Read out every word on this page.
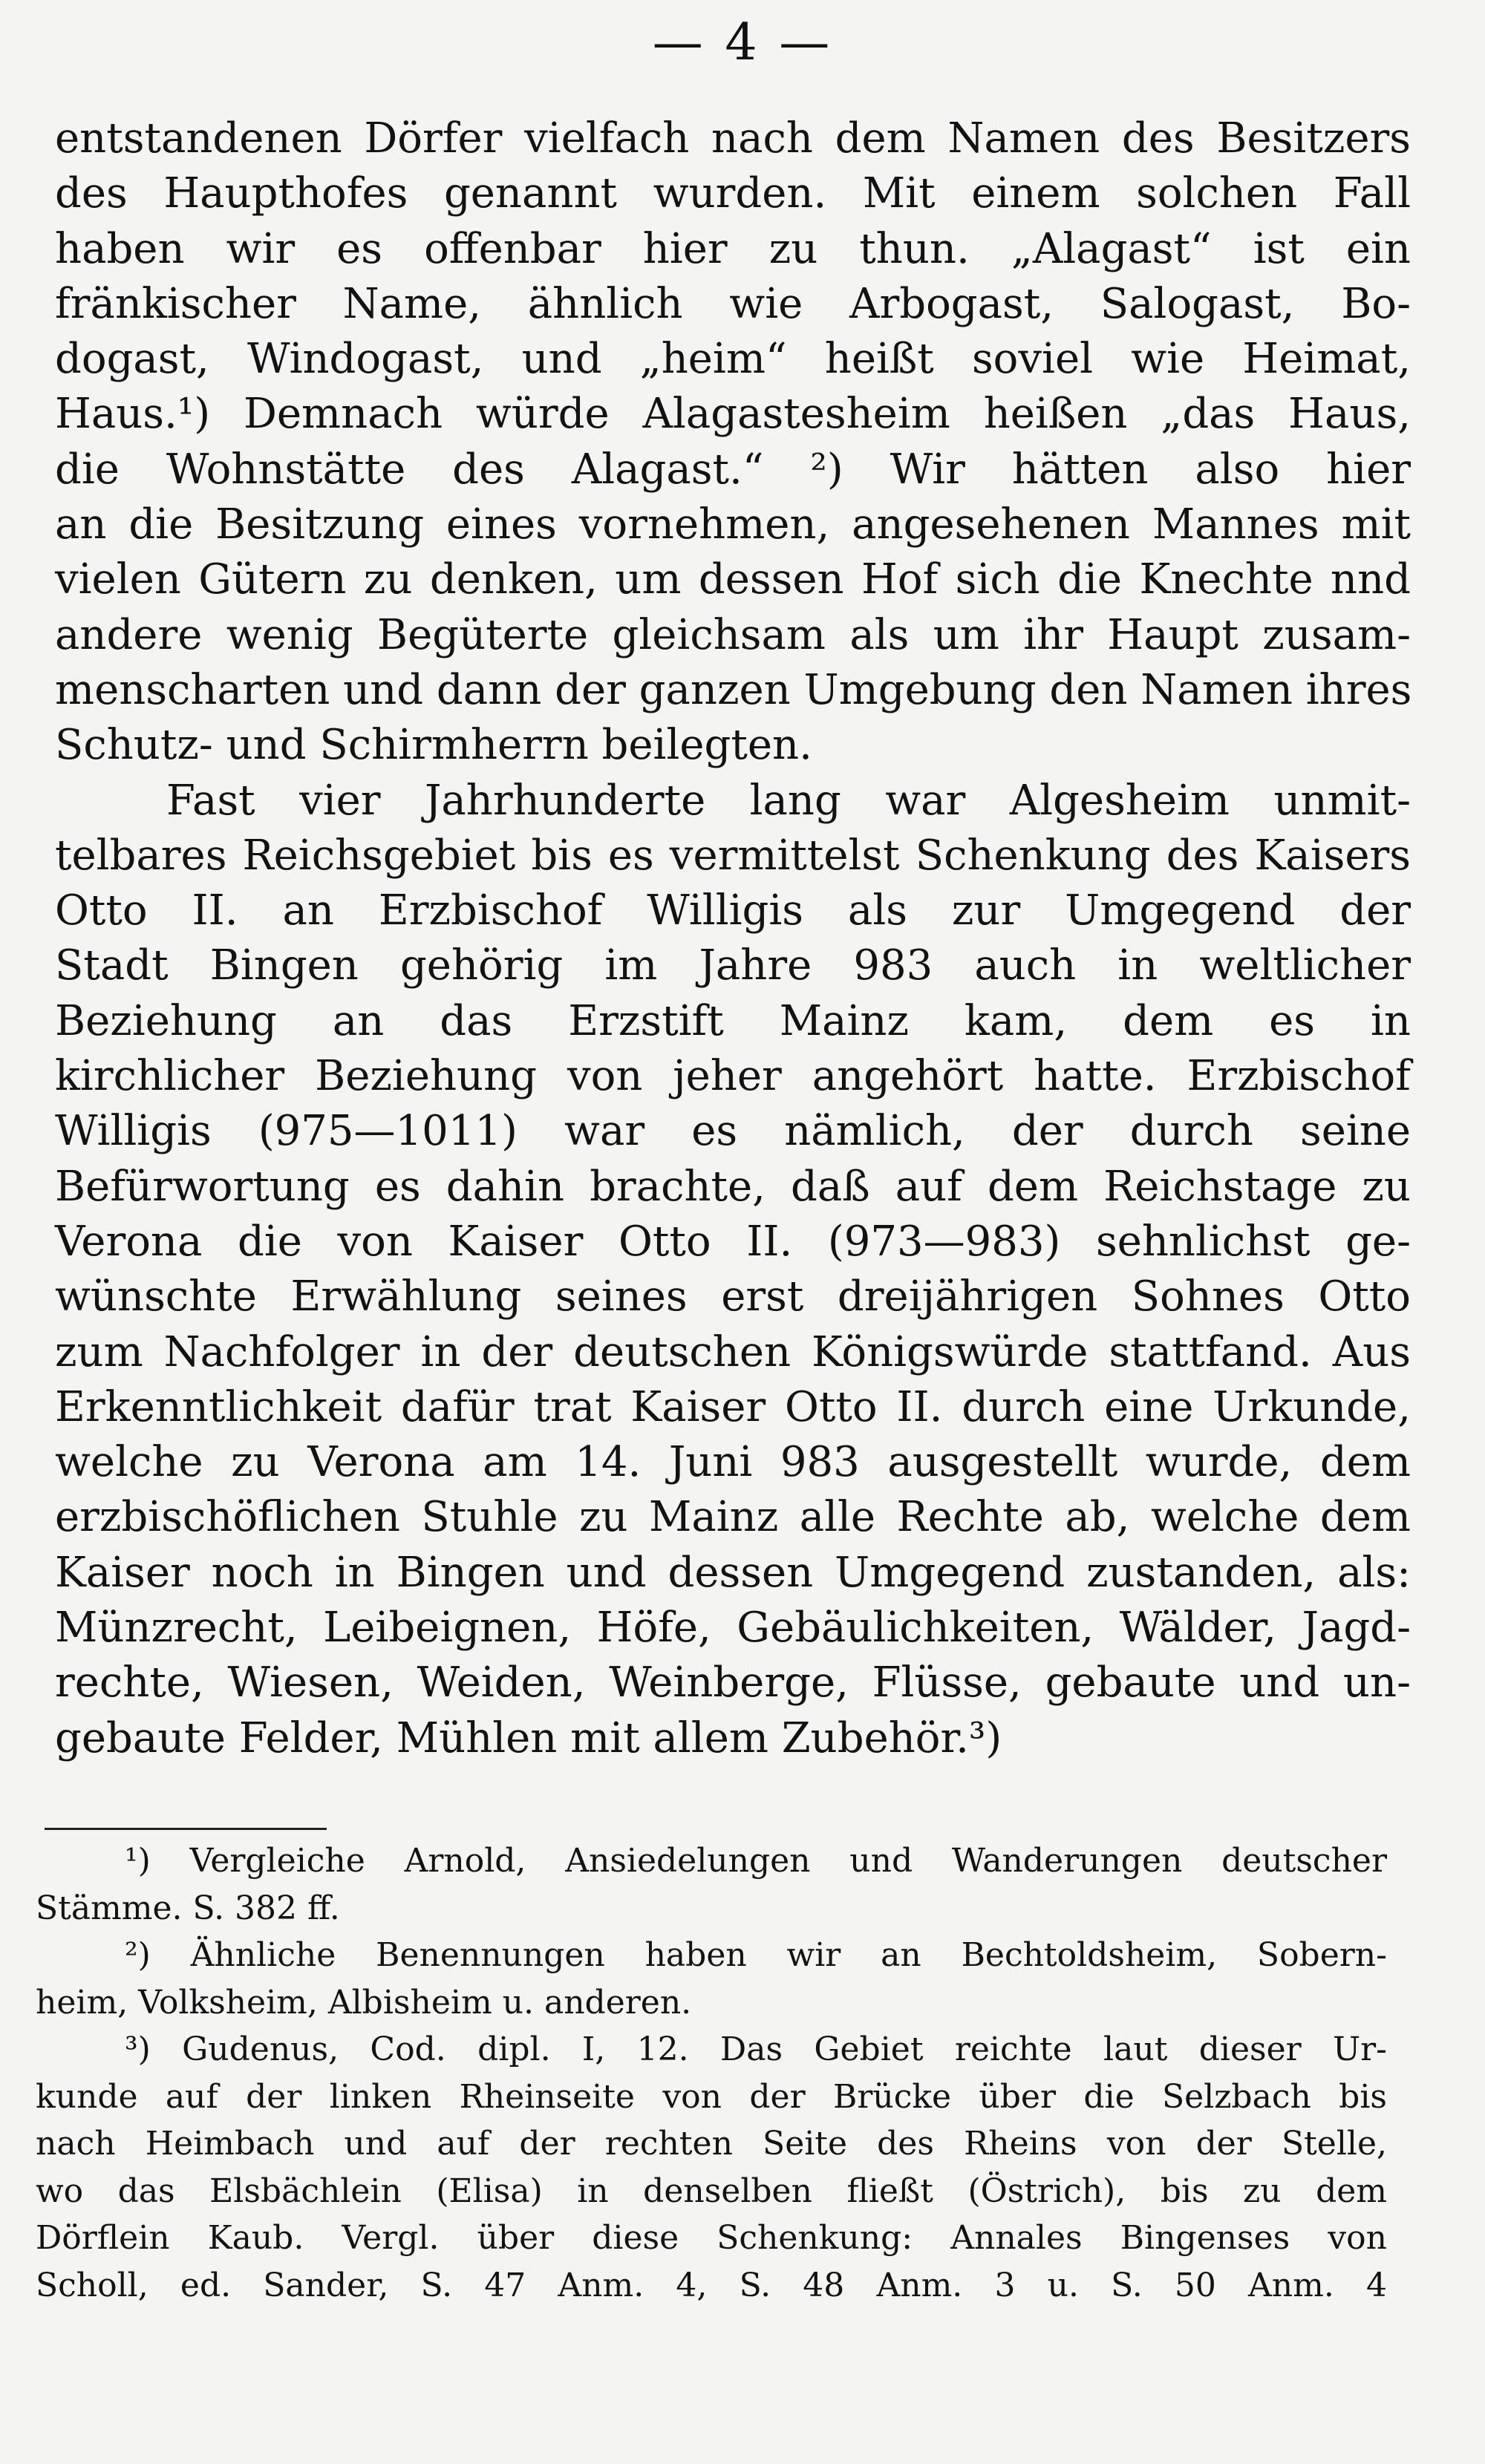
— 4 —
entstandenen Dörfer vielfach nach dem Namen des Besitzers
des Haupthofes genannt wurden. Mit einem solchen Fall
haben wir es offenbar hier zu thun. „Alagast“ ist ein
fränkischer Name, ähnlich wie Arbogast, Salogast, Bo-
dogast, Windogast, und „heim“ heißt soviel wie Heimat,
Haus.¹) Demnach würde Alagastesheim heißen „das Haus,
die Wohnstätte des Alagast.“ ²) Wir hätten also hier
an die Besitzung eines vornehmen, angesehenen Mannes mit
vielen Gütern zu denken, um dessen Hof sich die Knechte nnd
andere wenig Begüterte gleichsam als um ihr Haupt zusam-
menscharten und dann der ganzen Umgebung den Namen ihres
Schutz- und Schirmherrn beilegten.
Fast vier Jahrhunderte lang war Algesheim unmit-
telbares Reichsgebiet bis es vermittelst Schenkung des Kaisers
Otto II. an Erzbischof Willigis als zur Umgegend der
Stadt Bingen gehörig im Jahre 983 auch in weltlicher
Beziehung an das Erzstift Mainz kam, dem es in
kirchlicher Beziehung von jeher angehört hatte. Erzbischof
Willigis (975—1011) war es nämlich, der durch seine
Befürwortung es dahin brachte, daß auf dem Reichstage zu
Verona die von Kaiser Otto II. (973—983) sehnlichst ge-
wünschte Erwählung seines erst dreijährigen Sohnes Otto
zum Nachfolger in der deutschen Königswürde stattfand. Aus
Erkenntlichkeit dafür trat Kaiser Otto II. durch eine Urkunde,
welche zu Verona am 14. Juni 983 ausgestellt wurde, dem
erzbischöflichen Stuhle zu Mainz alle Rechte ab, welche dem
Kaiser noch in Bingen und dessen Umgegend zustanden, als:
Münzrecht, Leibeignen, Höfe, Gebäulichkeiten, Wälder, Jagd-
rechte, Wiesen, Weiden, Weinberge, Flüsse, gebaute und un-
gebaute Felder, Mühlen mit allem Zubehör.³)
¹) Vergleiche Arnold, Ansiedelungen und Wanderungen deutscher
Stämme. S. 382 ff.
²) Ähnliche Benennungen haben wir an Bechtoldsheim, Sobern-
heim, Volksheim, Albisheim u. anderen.
³) Gudenus, Cod. dipl. I, 12. Das Gebiet reichte laut dieser Ur-
kunde auf der linken Rheinseite von der Brücke über die Selzbach bis
nach Heimbach und auf der rechten Seite des Rheins von der Stelle,
wo das Elsbächlein (Elisa) in denselben fließt (Östrich), bis zu dem
Dörflein Kaub. Vergl. über diese Schenkung: Annales Bingenses von
Scholl, ed. Sander, S. 47 Anm. 4, S. 48 Anm. 3 u. S. 50 Anm. 4
